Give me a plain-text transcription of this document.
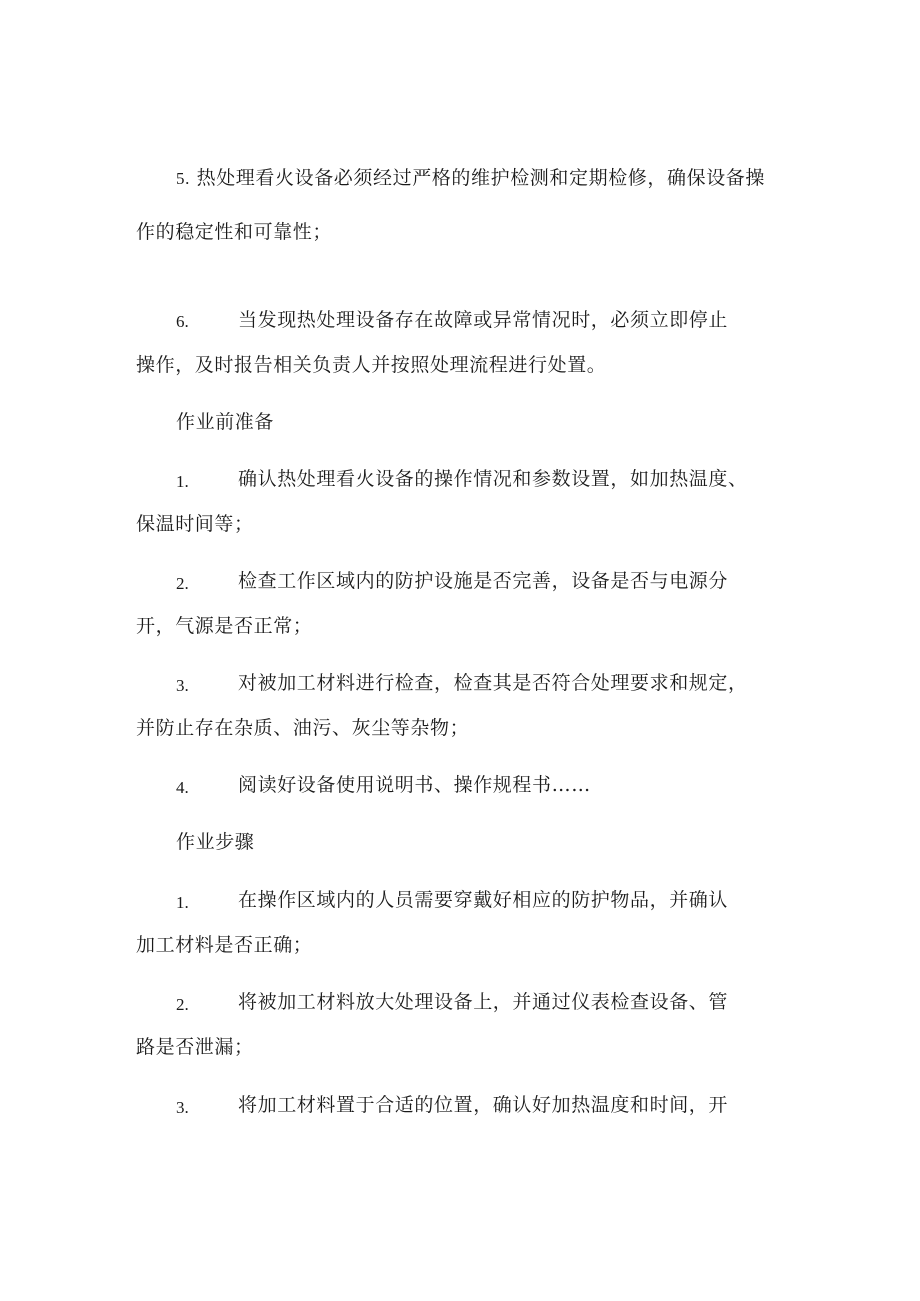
5. 热处理看火设备必须经过严格的维护检测和定期检修，确保设备操
作的稳定性和可靠性；
6.	当发现热处理设备存在故障或异常情况时，必须立即停止
操作，及时报告相关负责人并按照处理流程进行处置。
作业前准备
1.	确认热处理看火设备的操作情况和参数设置，如加热温度、
保温时间等；
2.	检查工作区域内的防护设施是否完善，设备是否与电源分
开，气源是否正常；
3.	对被加工材料进行检查，检查其是否符合处理要求和规定，
并防止存在杂质、油污、灰尘等杂物；
4.	阅读好设备使用说明书、操作规程书……
作业步骤
1.	在操作区域内的人员需要穿戴好相应的防护物品，并确认
加工材料是否正确；
2.	将被加工材料放大处理设备上，并通过仪表检查设备、管
路是否泄漏；
3.	将加工材料置于合适的位置，确认好加热温度和时间，开
